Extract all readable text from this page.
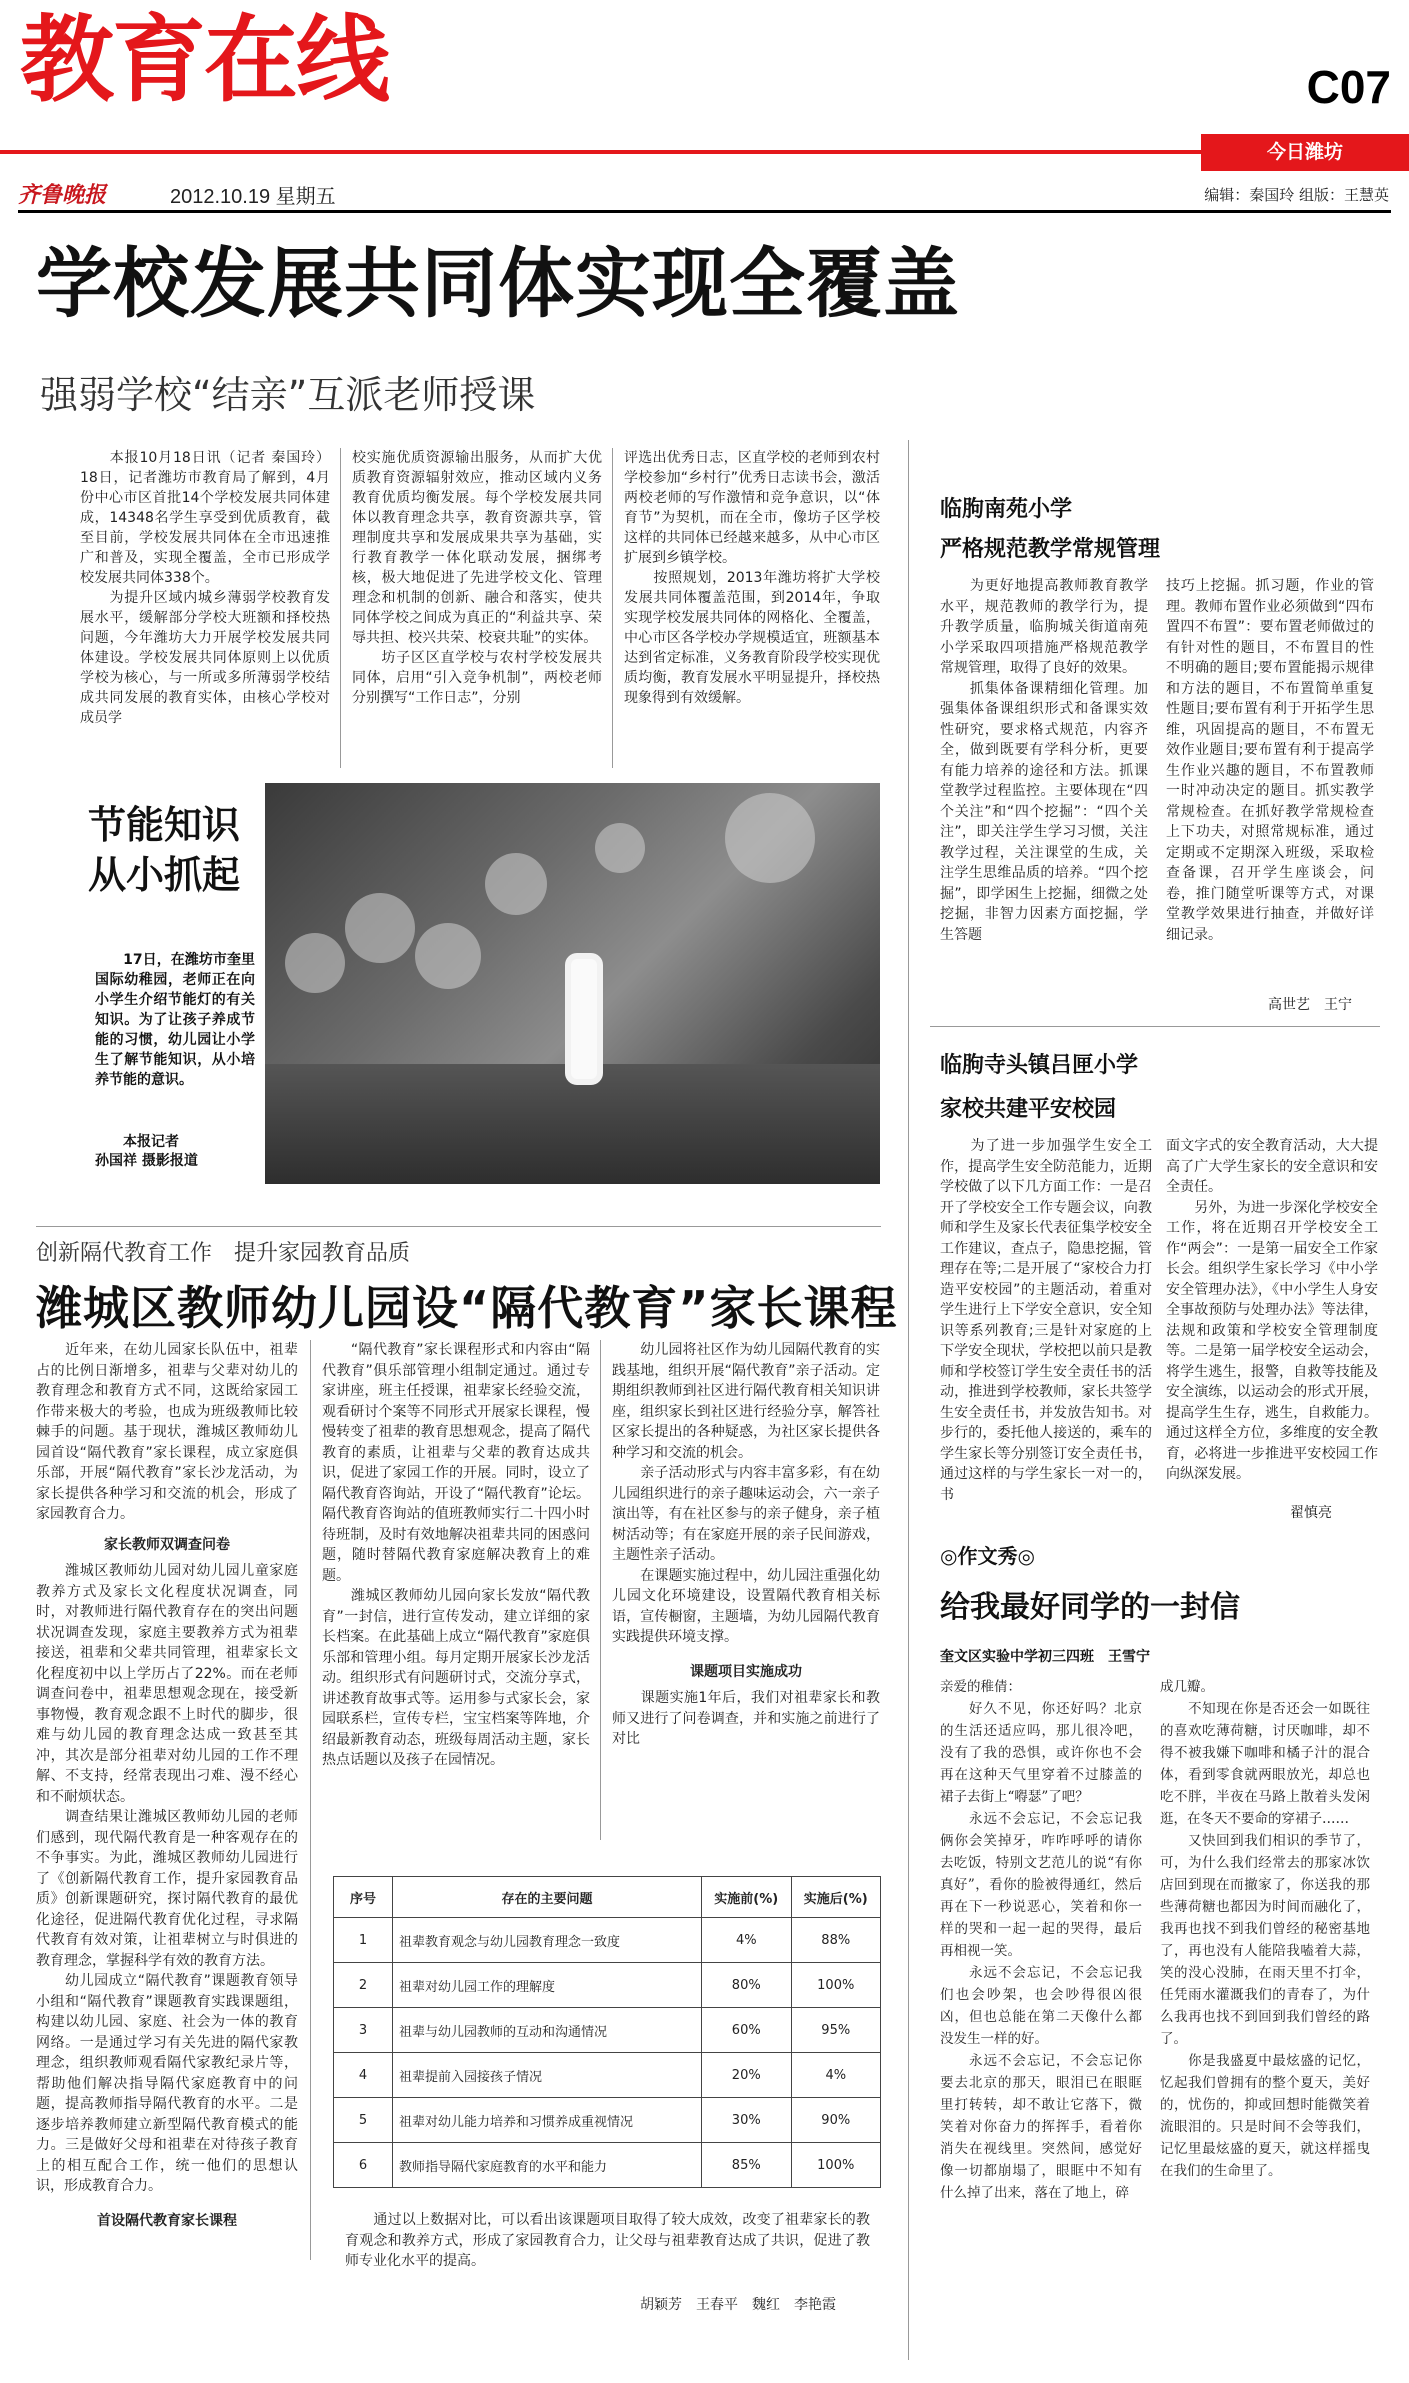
教育在线	C07
今日潍坊
齐鲁晚报	2012.10.19 星期五	编辑：秦国玲 组版：王慧英
学校发展共同体实现全覆盖
强弱学校“结亲”互派老师授课
　　本报10月18日讯（记者 秦国玲）18日，记者潍坊市教育局了解到，4月份中心市区首批14个学校发展共同体建成，14348名学生享受到优质教育，截至目前，学校发展共同体在全市迅速推广和普及，实现全覆盖，全市已形成学校发展共同体338个。
　　为提升区域内城乡薄弱学校教育发展水平，缓解部分学校大班额和择校热问题，今年潍坊大力开展学校发展共同体建设。学校发展共同体原则上以优质学校为核心，与一所或多所薄弱学校结成共同发展的教育实体，由核心学校对成员学
校实施优质资源输出服务，从而扩大优质教育资源辐射效应，推动区域内义务教育优质均衡发展。每个学校发展共同体以教育理念共享，教育资源共享，管理制度共享和发展成果共享为基础，实行教育教学一体化联动发展，捆绑考核，极大地促进了先进学校文化、管理理念和机制的创新、融合和落实，使共同体学校之间成为真正的“利益共享、荣辱共担、校兴共荣、校衰共耻”的实体。
　　坊子区区直学校与农村学校发展共同体，启用“引入竞争机制”，两校老师分别撰写“工作日志”，分别
评选出优秀日志，区直学校的老师到农村学校参加“乡村行”优秀日志读书会，激活两校老师的写作激情和竞争意识，以“体育节”为契机，而在全市，像坊子区学校这样的共同体已经越来越多，从中心市区扩展到乡镇学校。
　　按照规划，2013年潍坊将扩大学校发展共同体覆盖范围，到2014年，争取实现学校发展共同体的网格化、全覆盖，中心市区各学校办学规模适宜，班额基本达到省定标准，义务教育阶段学校实现优质均衡，教育发展水平明显提升，择校热现象得到有效缓解。
节能知识
从小抓起
　　17日，在潍坊市奎里国际幼稚园，老师正在向小学生介绍节能灯的有关知识。为了让孩子养成节能的习惯，幼儿园让小学生了解节能知识，从小培养节能的意识。
　　本报记者
孙国祥 摄影报道
创新隔代教育工作　提升家园教育品质
潍城区教师幼儿园设“隔代教育”家长课程
　　近年来，在幼儿园家长队伍中，祖辈占的比例日渐增多，祖辈与父辈对幼儿的教育理念和教育方式不同，这既给家园工作带来极大的考验，也成为班级教师比较棘手的问题。基于现状，潍城区教师幼儿园首设“隔代教育”家长课程，成立家庭俱乐部，开展“隔代教育”家长沙龙活动，为家长提供各种学习和交流的机会，形成了家园教育合力。
家长教师双调查问卷
　　潍城区教师幼儿园对幼儿园儿童家庭教养方式及家长文化程度状况调查，同时，对教师进行隔代教育存在的突出问题状况调查发现，家庭主要教养方式为祖辈接送，祖辈和父辈共同管理，祖辈家长文化程度初中以上学历占了22%。而在老师调查问卷中，祖辈思想观念现在，接受新事物慢，教育观念跟不上时代的脚步，很难与幼儿园的教育理念达成一致甚至其冲，其次是部分祖辈对幼儿园的工作不理解、不支持，经常表现出刁难、漫不经心和不耐烦状态。
　　调查结果让潍城区教师幼儿园的老师们感到，现代隔代教育是一种客观存在的不争事实。为此，潍城区教师幼儿园进行了《创新隔代教育工作，提升家园教育品质》创新课题研究，探讨隔代教育的最优化途径，促进隔代教育优化过程，寻求隔代教育有效对策，让祖辈树立与时俱进的教育理念，掌握科学有效的教育方法。
　　幼儿园成立“隔代教育”课题教育领导小组和“隔代教育”课题教育实践课题组，构建以幼儿园、家庭、社会为一体的教育网络。一是通过学习有关先进的隔代家教理念，组织教师观看隔代家教纪录片等，帮助他们解决指导隔代家庭教育中的问题，提高教师指导隔代教育的水平。二是逐步培养教师建立新型隔代教育模式的能力。三是做好父母和祖辈在对待孩子教育上的相互配合工作，统一他们的思想认识，形成教育合力。
首设隔代教育家长课程
　　“隔代教育”家长课程形式和内容由“隔代教育”俱乐部管理小组制定通过。通过专家讲座，班主任授课，祖辈家长经验交流，观看研讨个案等不同形式开展家长课程，慢慢转变了祖辈的教育思想观念，提高了隔代教育的素质，让祖辈与父辈的教育达成共识，促进了家园工作的开展。同时，设立了隔代教育咨询站，开设了“隔代教育”论坛。隔代教育咨询站的值班教师实行二十四小时待班制，及时有效地解决祖辈共同的困惑问题，随时替隔代教育家庭解决教育上的难题。
　　潍城区教师幼儿园向家长发放“隔代教育”一封信，进行宣传发动，建立详细的家长档案。在此基础上成立“隔代教育”家庭俱乐部和管理小组。每月定期开展家长沙龙活动。组织形式有问题研讨式，交流分享式，讲述教育故事式等。运用参与式家长会，家园联系栏，宣传专栏，宝宝档案等阵地，介绍最新教育动态，班级每周活动主题，家长热点话题以及孩子在园情况。
　　幼儿园将社区作为幼儿园隔代教育的实践基地，组织开展“隔代教育”亲子活动。定期组织教师到社区进行隔代教育相关知识讲座，组织家长到社区进行经验分享，解答社区家长提出的各种疑惑，为社区家长提供各种学习和交流的机会。
　　亲子活动形式与内容丰富多彩，有在幼儿园组织进行的亲子趣味运动会，六一亲子演出等，有在社区参与的亲子健身，亲子植树活动等；有在家庭开展的亲子民间游戏，主题性亲子活动。
　　在课题实施过程中，幼儿园注重强化幼儿园文化环境建设，设置隔代教育相关标语，宣传橱窗，主题墙，为幼儿园隔代教育实践提供环境支撑。
课题项目实施成功
　　课题实施1年后，我们对祖辈家长和教师又进行了问卷调查，并和实施之前进行了对比
序号	存在的主要问题	实施前(%)	实施后(%)
1	祖辈教育观念与幼儿园教育理念一致度	4%	88%
2	祖辈对幼儿园工作的理解度	80%	100%
3	祖辈与幼儿园教师的互动和沟通情况	60%	95%
4	祖辈提前入园接孩子情况	20%	4%
5	祖辈对幼儿能力培养和习惯养成重视情况	30%	90%
6	教师指导隔代家庭教育的水平和能力	85%	100%
　　通过以上数据对比，可以看出该课题项目取得了较大成效，改变了祖辈家长的教育观念和教养方式，形成了家园教育合力，让父母与祖辈教育达成了共识，促进了教师专业化水平的提高。
胡颖芳　王春平　魏红　李艳霞
临朐南苑小学
严格规范教学常规管理
　　为更好地提高教师教育教学水平，规范教师的教学行为，提升教学质量，临朐城关街道南苑小学采取四项措施严格规范教学常规管理，取得了良好的效果。
　　抓集体备课精细化管理。加强集体备课组织形式和备课实效性研究，要求格式规范，内容齐全，做到既要有学科分析，更要有能力培养的途径和方法。抓课堂教学过程监控。主要体现在“四个关注”和“四个挖掘”：“四个关注”，即关注学生学习习惯，关注教学过程，关注课堂的生成，关注学生思维品质的培养。“四个挖掘”，即学困生上挖掘，细微之处挖掘，非智力因素方面挖掘，学生答题
技巧上挖掘。抓习题，作业的管理。教师布置作业必须做到“四布置四不布置”：要布置老师做过的有针对性的题目，不布置目的性不明确的题目;要布置能揭示规律和方法的题目，不布置简单重复性题目;要布置有利于开拓学生思维，巩固提高的题目，不布置无效作业题目;要布置有利于提高学生作业兴趣的题目，不布置教师一时冲动决定的题目。抓实教学常规检查。在抓好教学常规检查上下功夫，对照常规标准，通过定期或不定期深入班级，采取检查备课，召开学生座谈会，问卷，推门随堂听课等方式，对课堂教学效果进行抽查，并做好详细记录。
高世艺　王宁
临朐寺头镇吕匣小学
家校共建平安校园
　　为了进一步加强学生安全工作，提高学生安全防范能力，近期学校做了以下几方面工作：一是召开了学校安全工作专题会议，向教师和学生及家长代表征集学校安全工作建议，查点子，隐患挖掘，管理存在等;二是开展了“家校合力打造平安校园”的主题活动，着重对学生进行上下学安全意识，安全知识等系列教育;三是针对家庭的上下学安全现状，学校把以前只是教师和学校签订学生安全责任书的活动，推进到学校教师，家长共签学生安全责任书，并发放告知书。对步行的，委托他人接送的，乘车的学生家长等分别签订安全责任书，通过这样的与学生家长一对一的，书
面文字式的安全教育活动，大大提高了广大学生家长的安全意识和安全责任。
　　另外，为进一步深化学校安全工作，将在近期召开学校安全工作“两会”：一是第一届安全工作家长会。组织学生家长学习《中小学安全管理办法》，《中小学生人身安全事故预防与处理办法》等法律，法规和政策和学校安全管理制度等。二是第一届学校安全运动会，将学生逃生，报警，自救等技能及安全演练，以运动会的形式开展，提高学生生存，逃生，自救能力。通过这样全方位，多维度的安全教育，必将进一步推进平安校园工作向纵深发展。
翟慎亮
◎作文秀◎
给我最好同学的一封信
奎文区实验中学初三四班　王雪宁
亲爱的稚倩：
　　好久不见，你还好吗？北京的生活还适应吗，那儿很冷吧，没有了我的恐惧，或许你也不会再在这种天气里穿着不过膝盖的裙子去街上“嘚瑟”了吧？
　　永远不会忘记，不会忘记我俩你会笑掉牙，咋咋呼呼的请你去吃饭，特别文艺范儿的说“有你真好”，看你的脸被得通红，然后再在下一秒说恶心，笑着和你一样的哭和一起一起的哭得，最后再相视一笑。
　　永远不会忘记，不会忘记我们也会吵架，也会吵得很凶很凶，但也总能在第二天像什么都没发生一样的好。
　　永远不会忘记，不会忘记你要去北京的那天，眼泪已在眼眶里打转转，却不敢让它落下，微笑着对你奋力的挥挥手，看着你消失在视线里。突然间，感觉好像一切都崩塌了，眼眶中不知有什么掉了出来，落在了地上，碎
成几瓣。
　　不知现在你是否还会一如既往的喜欢吃薄荷糖，讨厌咖啡，却不得不被我嫌下咖啡和橘子汁的混合体，看到零食就两眼放光，却总也吃不胖，半夜在马路上散着头发闲逛，在冬天不要命的穿裙子……
　　又快回到我们相识的季节了，可，为什么我们经常去的那家冰饮店回到现在而撤家了，你送我的那些薄荷糖也都因为时间而融化了，我再也找不到我们曾经的秘密基地了，再也没有人能陪我嗑着大蒜，笑的没心没肺，在雨天里不打伞，任凭雨水灌溉我们的青春了，为什么我再也找不到回到我们曾经的路了。
　　你是我盛夏中最炫盛的记忆，忆起我们曾拥有的整个夏天，美好的，忧伤的，抑或回想时能微笑着流眼泪的。只是时间不会等我们，记忆里最炫盛的夏天，就这样摇曳在我们的生命里了。
